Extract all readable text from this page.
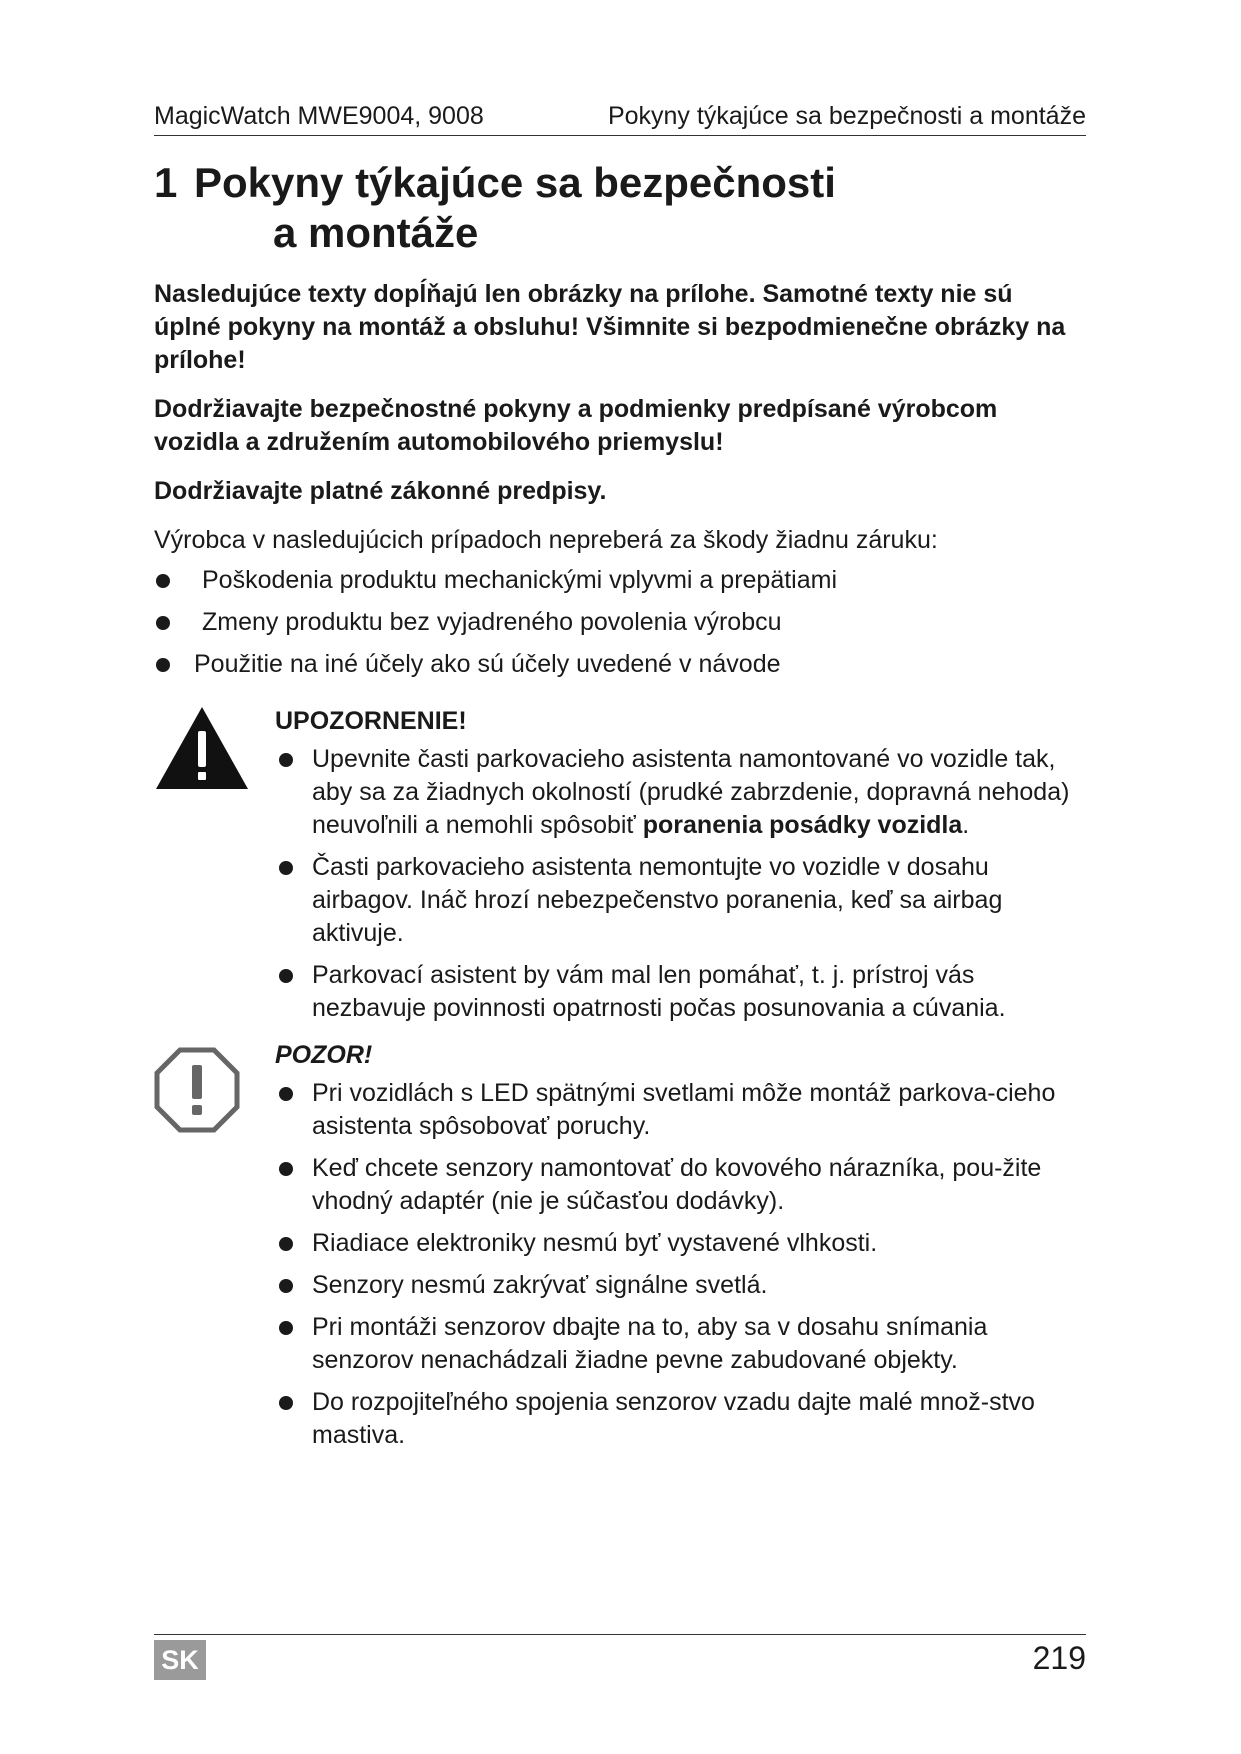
MagicWatch MWE9004, 9008	Pokyny týkajúce sa bezpečnosti a montáže
1 Pokyny týkajúce sa bezpečnosti
a montáže

Nasledujúce texty dopĺňajú len obrázky na prílohe. Samotné texty nie sú úplné pokyny na montáž a obsluhu! Všimnite si bezpodmienečne obrázky na prílohe!

Dodržiavajte bezpečnostné pokyny a podmienky predpísané výrobcom vozidla a združením automobilového priemyslu!

Dodržiavajte platné zákonné predpisy.

Výrobca v nasledujúcich prípadoch nepreberá za škody žiadnu záruku:

Poškodenia produktu mechanickými vplyvmi a prepätiami
Zmeny produktu bez vyjadreného povolenia výrobcu
Použitie na iné účely ako sú účely uvedené v návode
UPOZORNENIE!
Upevnite časti parkovacieho asistenta namontované vo vozidle tak, aby sa za žiadnych okolností (prudké zabrzdenie, dopravná nehoda) neuvoľnili a nemohli spôsobiť poranenia posádky vozidla.
Časti parkovacieho asistenta nemontujte vo vozidle v dosahu airbagov. Ináč hrozí nebezpečenstvo poranenia, keď sa airbag aktivuje.
Parkovací asistent by vám mal len pomáhať, t. j. prístroj vás nezbavuje povinnosti opatrnosti počas posunovania a cúvania.
POZOR!
Pri vozidlách s LED spätnými svetlami môže montáž parkova-cieho asistenta spôsobovať poruchy.
Keď chcete senzory namontovať do kovového nárazníka, pou-žite vhodný adaptér (nie je súčasťou dodávky).
Riadiace elektroniky nesmú byť vystavené vlhkosti.
Senzory nesmú zakrývať signálne svetlá.
Pri montáži senzorov dbajte na to, aby sa v dosahu snímania senzorov nenachádzali žiadne pevne zabudované objekty.
Do rozpojiteľného spojenia senzorov vzadu dajte malé množ-stvo mastiva.
SK	219
